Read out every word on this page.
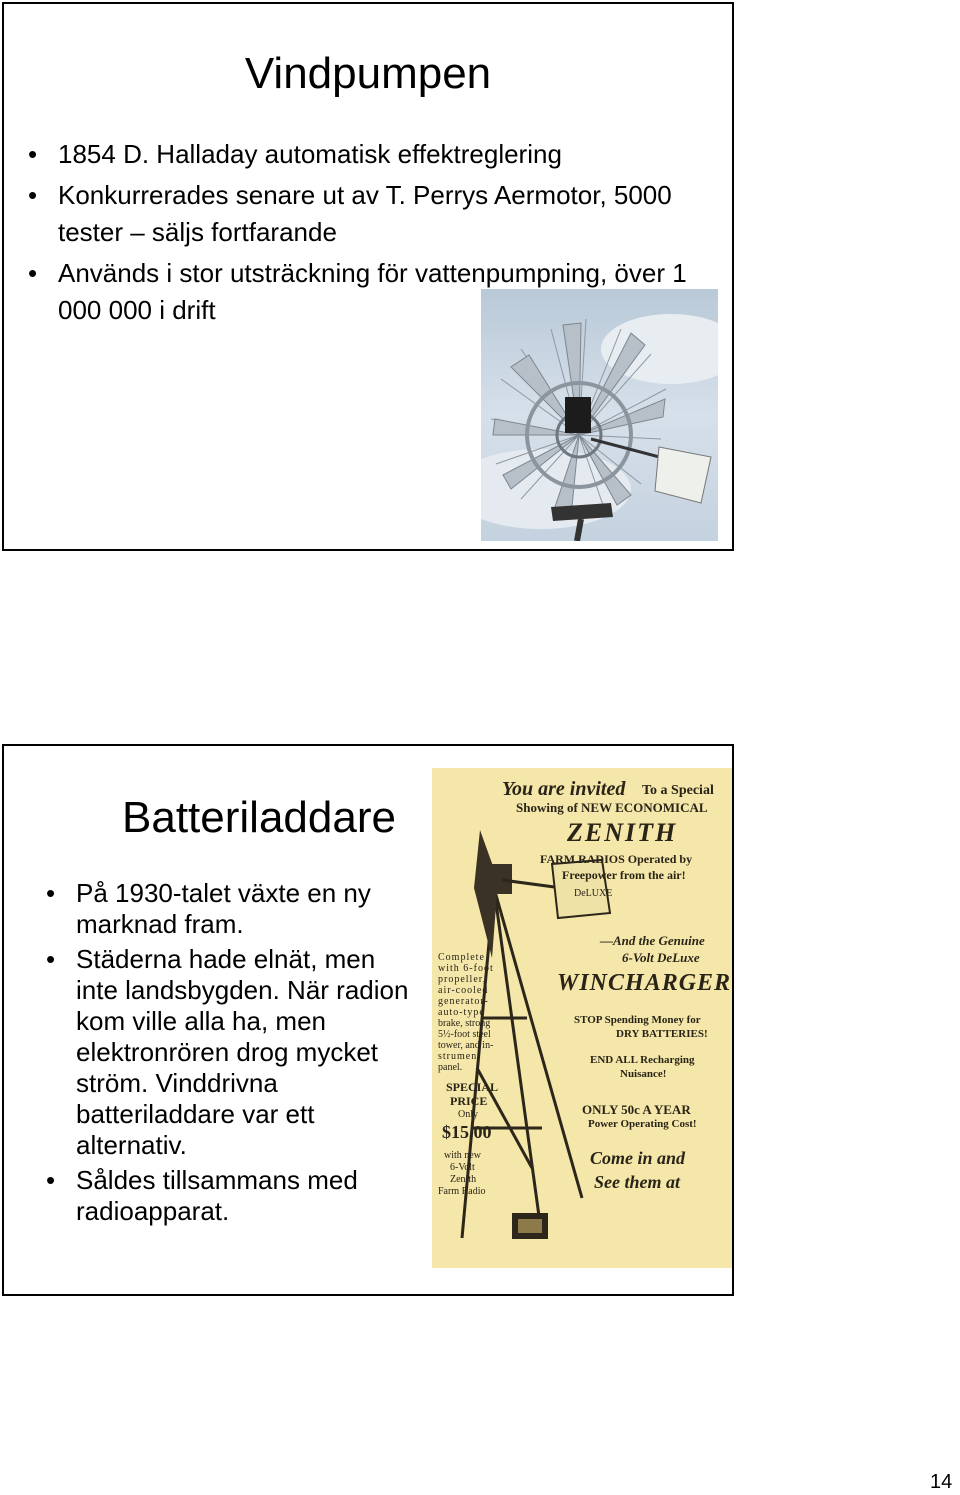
Vindpumpen
• 1854 D. Halladay automatisk effektreglering
• Konkurrerades senare ut av T. Perrys Aermotor, 5000 tester – säljs fortfarande
• Används i stor utsträckning för vattenpumpning, över 1 000 000 i drift
Batteriladdare
• På 1930-talet växte en ny marknad fram.
• Städerna hade elnät, men inte landsbygden. När radion kom ville alla ha, men elektronrören drog mycket ström. Vinddrivna batteriladdare var ett alternativ.
• Såldes tillsammans med radioapparat.
You are invited To a Special
Showing of NEW ECONOMICAL
ZENITH
FARM RADIOS Operated by
Freepower from the air!
DeLUXE
—And the Genuine
6-Volt DeLuxe
WINCHARGER
STOP Spending Money for
DRY BATTERIES!
END ALL Recharging
Nuisance!
ONLY 50c A YEAR
Power Operating Cost!
Come in and
See them at
Complete
with 6-foot
propeller,
air-cooled
generator-
auto-type
brake, strong
5½-foot steel
tower, and in-
strument
panel.
SPECIAL
PRICE
Only
$15.00
with new
6-Volt
Zenith
Farm Radio
14
